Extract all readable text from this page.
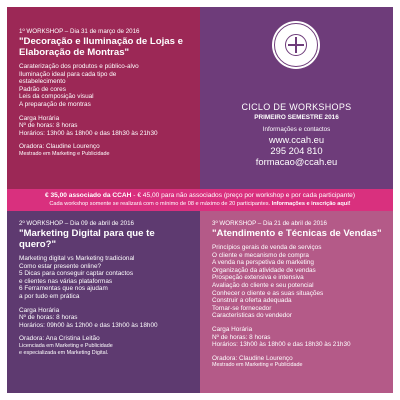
1º WORKSHOP – Dia 31 de março de 2016
"Decoração e Iluminação de Lojas e Elaboração de Montras"
Caraterização dos produtos e público-alvo
Iluminação ideal para cada tipo de
estabelecimento
Padrão de cores
Leis da composição visual
A preparação de montras
Carga Horária
Nº de horas: 8 horas
Horários: 13h00 às 18h00 e das 18h30 às 21h30
Oradora: Claudine Lourenço
Mestrado em Marketing e Publicidade
CICLO DE WORKSHOPS
PRIMEIRO SEMESTRE 2016
Informações e contactos
www.ccah.eu
295 204 810
formacao@ccah.eu
2º WORKSHOP – Dia 09 de abril de 2016
"Marketing Digital para que te quero?"
Marketing digital vs Marketing tradicional
Como estar presente online?
5 Dicas para conseguir captar contactos
e clientes nas várias plataformas
6 Ferramentas que nos ajudam
a por tudo em prática
Carga Horária
Nº de horas: 8 horas
Horários: 09h00 às 12h00 e das 13h00 às 18h00
Oradora: Ana Cristina Leitão
Licenciada em Marketing e Publicidade
e especializada em Marketing Digital.
3º WORKSHOP – Dia 21 de abril de 2016
"Atendimento e Técnicas de Vendas"
Princípios gerais de venda de serviços
O cliente e mecanismo de compra
A venda na perspetiva de marketing
Organização da atividade de vendas
Prospeção extensiva e intensiva
Avaliação do cliente e seu potencial
Conhecer o cliente e as suas situações
Construir a oferta adequada
Tornar-se fornecedor
Características do vendedor
Carga Horária
Nº de horas: 8 horas
Horários: 13h00 às 18h00 e das 18h30 às 21h30
Oradora: Claudine Lourenço
Mestrado em Marketing e Publicidade
€ 35,00 associado da CCAH - € 45,00 para não associados (preço por workshop e por cada participante)
Cada workshop somente se realizará com o mínimo de 08 e máximo de 20 participantes. Informações e inscrição aqui!
